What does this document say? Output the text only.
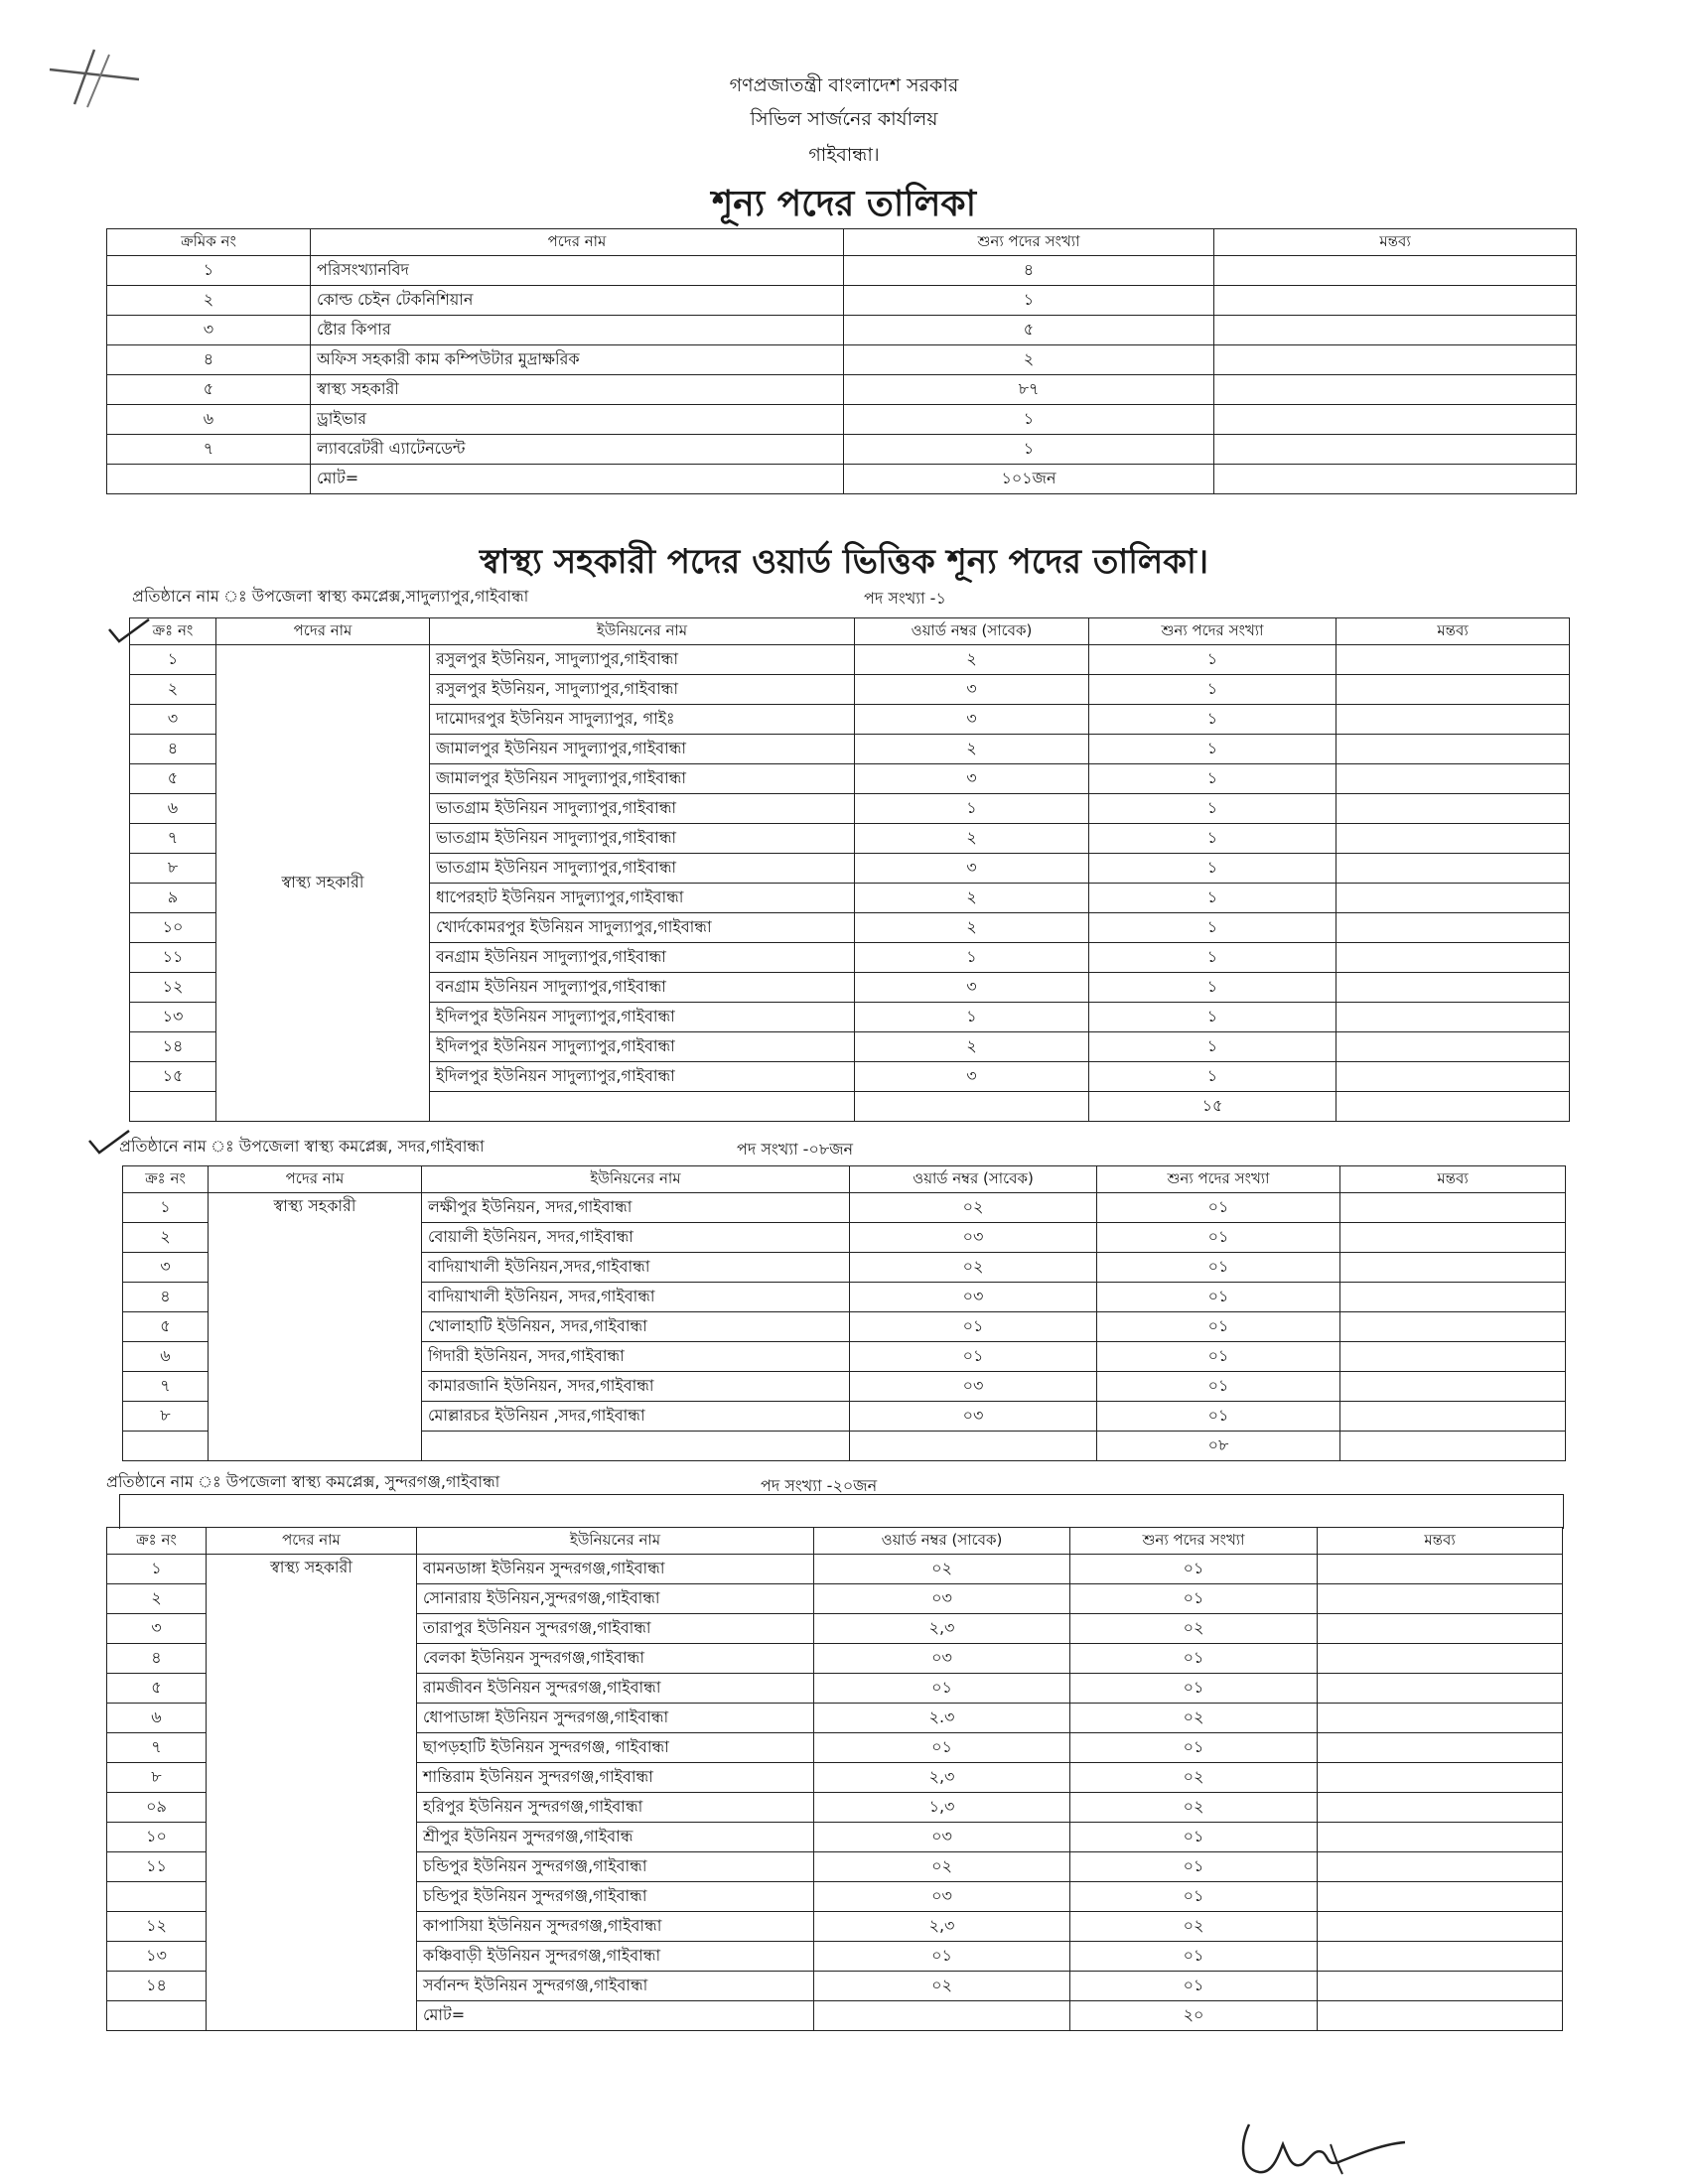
গণপ্রজাতন্ত্রী বাংলাদেশ সরকার
সিভিল সার্জনের কার্যালয়
গাইবান্ধা।
শূন্য পদের তালিকা
ক্রমিক নং	পদের নাম	শুন্য পদের সংখ্যা	মন্তব্য
১	পরিসংখ্যানবিদ	৪	
২	কোল্ড চেইন টেকনিশিয়ান	১	
৩	ষ্টোর কিপার	৫	
৪	অফিস সহকারী কাম কম্পিউটার মুদ্রাক্ষরিক	২	
৫	স্বাস্থ্য সহকারী	৮৭	
৬	ড্রাইভার	১	
৭	ল্যাবরেটরী এ্যাটেনডেন্ট	১	
	মোট=	১০১জন	
স্বাস্থ্য সহকারী পদের ওয়ার্ড ভিত্তিক শূন্য পদের তালিকা।
প্রতিষ্ঠানে নাম ঃ উপজেলা স্বাস্থ্য কমপ্লেক্স,সাদুল্যাপুর,গাইবান্ধা	পদ সংখ্যা -১
ক্রঃ নং	পদের নাম	ইউনিয়নের নাম	ওয়ার্ড নম্বর (সাবেক)	শুন্য পদের সংখ্যা	মন্তব্য
১	স্বাস্থ্য সহকারী	রসুলপুর ইউনিয়ন, সাদুল্যাপুর,গাইবান্ধা	২	১	
২		রসুলপুর ইউনিয়ন, সাদুল্যাপুর,গাইবান্ধা	৩	১	
৩		দামোদরপুর ইউনিয়ন সাদুল্যাপুর, গাইঃ	৩	১	
৪		জামালপুর ইউনিয়ন সাদুল্যাপুর,গাইবান্ধা	২	১	
৫		জামালপুর ইউনিয়ন সাদুল্যাপুর,গাইবান্ধা	৩	১	
৬		ভাতগ্রাম ইউনিয়ন সাদুল্যাপুর,গাইবান্ধা	১	১	
৭		ভাতগ্রাম ইউনিয়ন সাদুল্যাপুর,গাইবান্ধা	২	১	
৮		ভাতগ্রাম ইউনিয়ন সাদুল্যাপুর,গাইবান্ধা	৩	১	
৯		ধাপেরহাট ইউনিয়ন সাদুল্যাপুর,গাইবান্ধা	২	১	
১০		খোর্দকোমরপুর ইউনিয়ন সাদুল্যাপুর,গাইবান্ধা	২	১	
১১		বনগ্রাম ইউনিয়ন সাদুল্যাপুর,গাইবান্ধা	১	১	
১২		বনগ্রাম ইউনিয়ন সাদুল্যাপুর,গাইবান্ধা	৩	১	
১৩		ইদিলপুর ইউনিয়ন সাদুল্যাপুর,গাইবান্ধা	১	১	
১৪		ইদিলপুর ইউনিয়ন সাদুল্যাপুর,গাইবান্ধা	২	১	
১৫		ইদিলপুর ইউনিয়ন সাদুল্যাপুর,গাইবান্ধা	৩	১	
				১৫	
প্রতিষ্ঠানে নাম ঃ উপজেলা স্বাস্থ্য কমপ্লেক্স, সদর,গাইবান্ধা	পদ সংখ্যা -০৮জন
ক্রঃ নং	পদের নাম	ইউনিয়নের নাম	ওয়ার্ড নম্বর (সাবেক)	শুন্য পদের সংখ্যা	মন্তব্য
১	স্বাস্থ্য সহকারী	লক্ষীপুর ইউনিয়ন, সদর,গাইবান্ধা	০২	০১	
২		বোয়ালী ইউনিয়ন, সদর,গাইবান্ধা	০৩	০১	
৩		বাদিয়াখালী ইউনিয়ন,সদর,গাইবান্ধা	০২	০১	
৪		বাদিয়াখালী ইউনিয়ন, সদর,গাইবান্ধা	০৩	০১	
৫		খোলাহাটি ইউনিয়ন, সদর,গাইবান্ধা	০১	০১	
৬		গিদারী ইউনিয়ন, সদর,গাইবান্ধা	০১	০১	
৭		কামারজানি ইউনিয়ন, সদর,গাইবান্ধা	০৩	০১	
৮		মোল্লারচর ইউনিয়ন ,সদর,গাইবান্ধা	০৩	০১	
				০৮	
প্রতিষ্ঠানে নাম ঃ উপজেলা স্বাস্থ্য কমপ্লেক্স, সুন্দরগঞ্জ,গাইবান্ধা	পদ সংখ্যা -২০জন
ক্রঃ নং	পদের নাম	ইউনিয়নের নাম	ওয়ার্ড নম্বর (সাবেক)	শুন্য পদের সংখ্যা	মন্তব্য
১	স্বাস্থ্য সহকারী	বামনডাঙ্গা ইউনিয়ন সুন্দরগঞ্জ,গাইবান্ধা	০২	০১	
২		সোনারায় ইউনিয়ন,সুন্দরগঞ্জ,গাইবান্ধা	০৩	০১	
৩		তারাপুর ইউনিয়ন সুন্দরগঞ্জ,গাইবান্ধা	২,৩	০২	
৪		বেলকা ইউনিয়ন সুন্দরগঞ্জ,গাইবান্ধা	০৩	০১	
৫		রামজীবন ইউনিয়ন সুন্দরগঞ্জ,গাইবান্ধা	০১	০১	
৬		ধোপাডাঙ্গা ইউনিয়ন সুন্দরগঞ্জ,গাইবান্ধা	২.৩	০২	
৭		ছাপড়হাটি ইউনিয়ন সুন্দরগঞ্জ, গাইবান্ধা	০১	০১	
৮		শান্তিরাম ইউনিয়ন সুন্দরগঞ্জ,গাইবান্ধা	২,৩	০২	
০৯		হরিপুর ইউনিয়ন সুন্দরগঞ্জ,গাইবান্ধা	১,৩	০২	
১০		শ্রীপুর ইউনিয়ন সুন্দরগঞ্জ,গাইবান্ধ	০৩	০১	
১১		চন্ডিপুর ইউনিয়ন সুন্দরগঞ্জ,গাইবান্ধা	০২	০১	
		চন্ডিপুর ইউনিয়ন সুন্দরগঞ্জ,গাইবান্ধা	০৩	০১	
১২		কাপাসিয়া ইউনিয়ন সুন্দরগঞ্জ,গাইবান্ধা	২,৩	০২	
১৩		কঞ্চিবাড়ী ইউনিয়ন সুন্দরগঞ্জ,গাইবান্ধা	০১	০১	
১৪		সর্বানন্দ ইউনিয়ন সুন্দরগঞ্জ,গাইবান্ধা	০২	০১	
		মোট=		২০	
